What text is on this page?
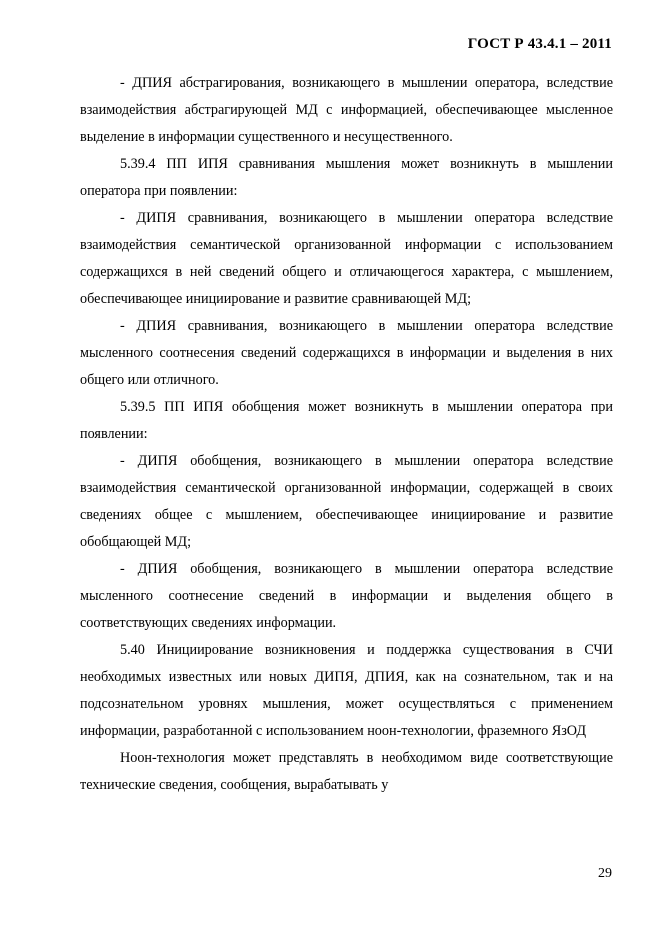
ГОСТ Р 43.4.1 – 2011

- ДПИЯ абстрагирования, возникающего в мышлении оператора, вследствие взаимодействия абстрагирующей МД с информацией, обеспечивающее мысленное выделение в информации существенного и несущественного.

5.39.4 ПП ИПЯ сравнивания мышления может возникнуть в мышлении оператора при появлении:

- ДИПЯ сравнивания, возникающего в мышлении оператора вследствие взаимодействия семантической организованной информации с использованием содержащихся в ней сведений общего и отличающегося характера, с мышлением, обеспечивающее инициирование и развитие сравнивающей МД;

- ДПИЯ сравнивания, возникающего в мышлении оператора вследствие мысленного соотнесения сведений содержащихся в информации и выделения в них общего или отличного.

5.39.5 ПП ИПЯ обобщения может возникнуть в мышлении оператора при появлении:

- ДИПЯ обобщения, возникающего в мышлении оператора вследствие взаимодействия семантической организованной информации, содержащей в своих сведениях общее с мышлением, обеспечивающее инициирование и развитие обобщающей МД;

- ДПИЯ обобщения, возникающего в мышлении оператора вследствие мысленного соотнесение сведений в информации и выделения общего в соответствующих сведениях информации.

5.40 Инициирование возникновения и поддержка существования в СЧИ необходимых известных или новых ДИПЯ, ДПИЯ, как на сознательном, так и на подсознательном уровнях мышления, может осуществляться с применением информации, разработанной с использованием ноон-технологии, фраземного ЯзОД

Ноон-технология может представлять в необходимом виде соответствующие технические сведения, сообщения, вырабатывать у

29
